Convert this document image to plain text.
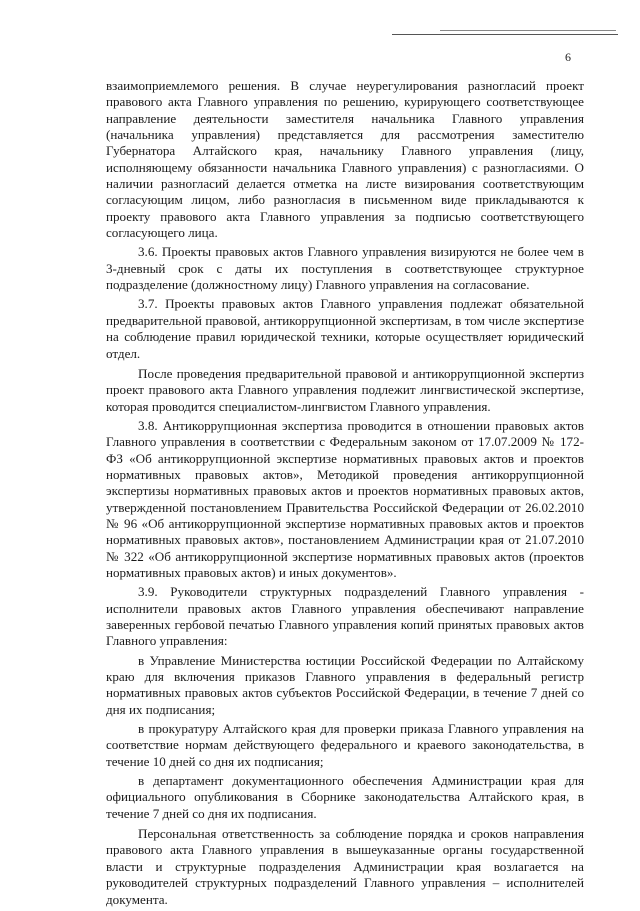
6

взаимоприемлемого решения. В случае неурегулирования разногласий проект правового акта Главного управления по решению, курирующего соответствующее направление деятельности заместителя начальника Главного управления (начальника управления) представляется для рассмотрения заместителю Губернатора Алтайского края, начальнику Главного управления (лицу, исполняющему обязанности начальника Главного управления) с разногласиями. О наличии разногласий делается отметка на листе визирования соответствующим согласующим лицом, либо разногласия в письменном виде прикладываются к проекту правового акта Главного управления за подписью соответствующего согласующего лица.

3.6. Проекты правовых актов Главного управления визируются не более чем в 3-дневный срок с даты их поступления в соответствующее структурное подразделение (должностному лицу) Главного управления на согласование.

3.7. Проекты правовых актов Главного управления подлежат обязательной предварительной правовой, антикоррупционной экспертизам, в том числе экспертизе на соблюдение правил юридической техники, которые осуществляет юридический отдел.

После проведения предварительной правовой и антикоррупционной экспертиз проект правового акта Главного управления подлежит лингвистической экспертизе, которая проводится специалистом-лингвистом Главного управления.

3.8. Антикоррупционная экспертиза проводится в отношении правовых актов Главного управления в соответствии с Федеральным законом от 17.07.2009 № 172-ФЗ «Об антикоррупционной экспертизе нормативных правовых актов и проектов нормативных правовых актов», Методикой проведения антикоррупционной экспертизы нормативных правовых актов и проектов нормативных правовых актов, утвержденной постановлением Правительства Российской Федерации от 26.02.2010 № 96 «Об антикоррупционной экспертизе нормативных правовых актов и проектов нормативных правовых актов», постановлением Администрации края от 21.07.2010 № 322 «Об антикоррупционной экспертизе нормативных правовых актов (проектов нормативных правовых актов) и иных документов».

3.9. Руководители структурных подразделений Главного управления - исполнители правовых актов Главного управления обеспечивают направление заверенных гербовой печатью Главного управления копий принятых правовых актов Главного управления:

в Управление Министерства юстиции Российской Федерации по Алтайскому краю для включения приказов Главного управления в федеральный регистр нормативных правовых актов субъектов Российской Федерации, в течение 7 дней со дня их подписания;

в прокуратуру Алтайского края для проверки приказа Главного управления на соответствие нормам действующего федерального и краевого законодательства, в течение 10 дней со дня их подписания;

в департамент документационного обеспечения Администрации края для официального опубликования в Сборнике законодательства Алтайского края, в течение 7 дней со дня их подписания.

Персональная ответственность за соблюдение порядка и сроков направления правового акта Главного управления в вышеуказанные органы государственной власти и структурные подразделения Администрации края возлагается на руководителей структурных подразделений Главного управления – исполнителей документа.
